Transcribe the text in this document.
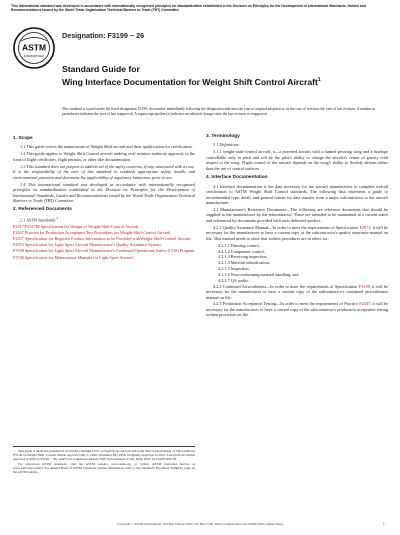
This international standard was developed in accordance with internationally recognized principles on standardization established in the Decision on Principles for the Development of International Standards, Guides and Recommendations issued by the World Trade Organization Technical Barriers to Trade (TBT) Committee.
ASTM
INTERNATIONAL
Designation: F3199 − 26
Standard Guide for
Wing Interface Documentation for Weight Shift Control Aircraft$^1$
This standard is issued under the fixed designation F3199; the number immediately following the designation indicates the year of original adoption or, in the case of revision, the year of last revision. A number in parentheses indicates the year of last reapproval. A superscript epsilon (ε) indicates an editorial change since the last revision or reapproval.
1. Scope

1.1 This guide covers the manufacture of Weight Shift aircraft and their qualification for certification.

1.2 This guide applies to Weight Shift Control aircraft seeking civil aviation authority approval, in the form of flight certificates, flight permits, or other like documentation.

1.3 This standard does not purport to address all of the safety concerns, if any, associated with its use. It is the responsibility of the user of this standard to establish appropriate safety, health, and environmental practices and determine the applicability of regulatory limitations prior to use.

1.4 This international standard was developed in accordance with internationally recognized principles on standardization established in the Decision on Principles for the Development of International Standards, Guides and Recommendations issued by the World Trade Organization Technical Barriers to Trade (TBT) Committee.

2. Referenced Documents

2.1 ASTM Standards:$^2$

F2317/F2317M Specification for Design of Weight-Shift-Control Aircraft
F2447 Practice for Production Acceptance Test Procedures for Weight-Shift-Control Aircraft
F2457 Specification for Required Product Information to be Provided withWeight-Shift-Control Aircraft
F2972 Specification for Light Sport Aircraft Manufacturer's Quality Assurance System
F3198 Specification for Light Sport Aircraft Manufacturer's Continued Operational Safety (COS) Program
F3746 Specification for Maintenance Manuals for Light Sport Aircraft

This guide is under the jurisdiction of ASTM Committee F37 on Light Sport Aircraft and is the direct responsibility of Subcommittee F37.40 on Weight Shift. Current edition approved July 1, 2026. Published July 2026. Originally approved in 2016. Last previous edition approved in 2016 as F3199 – 16a, which was withdrawn January 2025 and reinstated in July 2026. DOI: 10.1520/F3199-26.

For referenced ASTM standards, visit the ASTM website, www.astm.org, or contact ASTM Customer Service at www.astm.org/contact. For Annual Book of ASTM Standards volume information, refer to the standard's Document Summary page on the ASTM website.

3. Terminology

3.1 Definitions:

3.1.1 weight-shift-control aircraft, n—a powered aircraft with a framed pivoting wing and a fuselage controllable only in pitch and roll by the pilot's ability to change the aircraft's center of gravity with respect to the wing. Flight control of the aircraft depends on the wing's ability to flexibly deform rather than the use of control surfaces.

4. Interface Documentation

4.1 Interface documentation is the data necessary for the aircraft manufacturer to complete overall certification to ASTM Weight Shift Control standards. The following data represents a guide to recommended type, detail, and general format for data transfer from a major subcontractor to the aircraft manufacturer.

4.2 Manufacturer's Reference Documents—The following are reference documents that should be supplied to the manufacturer by the subcontractor. These are intended to be maintained at a current states and referenced by documents provided with each delivered product.

4.2.1 Quality Assurance Manual—In order to meet the requirements of Specification F2972, it will be necessary for the manufacturer to have a current copy of the subcontractor's quality assurance manual on file. This manual needs to show that written procedures are in effect for:

4.2.1.1 Drawing control,
4.2.1.2 Component control,
4.2.1.3 Receiving inspection,
4.2.1.4 Material identification,
4.2.1.5 Inspection,
4.2.1.6 Non-conforming material handling, and
4.2.1.7 QA audits.

4.2.2 Continued Airworthiness—In order to meet the requirements of Specification F3198, it will be necessary for the manufacturer to have a current copy of the subcontractor's continued airworthiness manual on file.

4.2.3 Production Acceptance Testing—In order to meet the requirements of Practice F2447, it will be necessary for the manufacturer to have a current copy of the subcontractor's production acceptance testing written procedure on file.

Copyright © ASTM International, 100 Barr Harbor Drive, PO Box C700, West Conshohocken, PA 19428-2959. United States	1
